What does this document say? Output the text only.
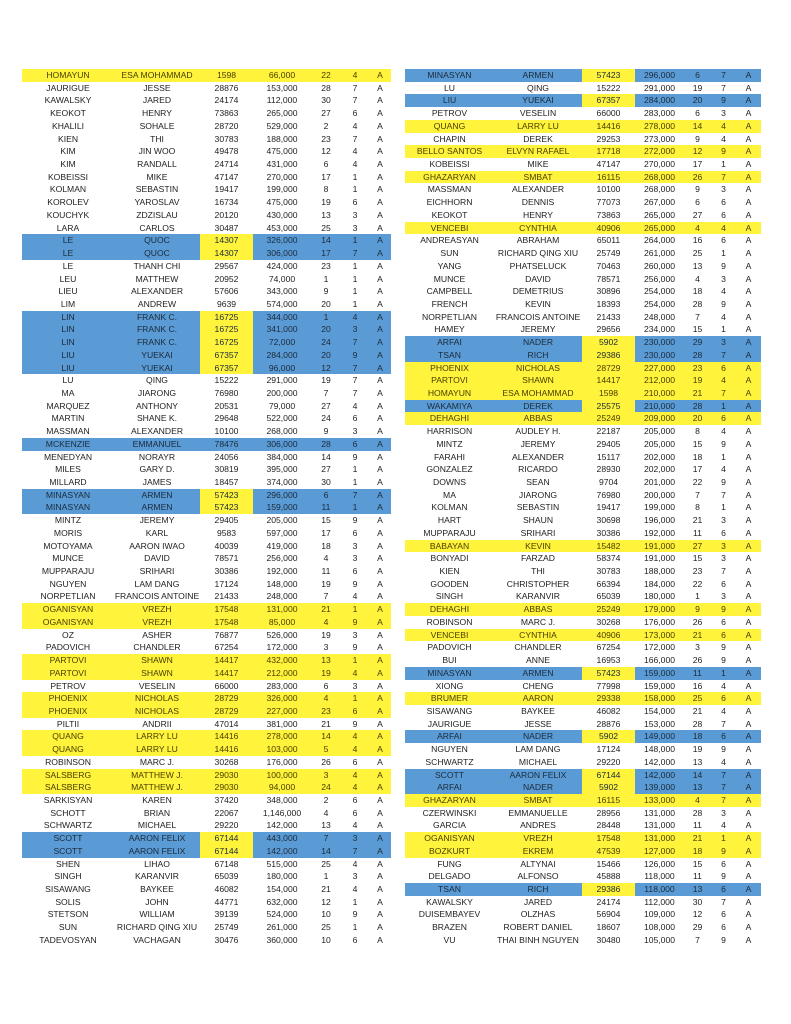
HOMAYUN	ESA MOHAMMAD	1598	66,000	22	4	A
JAURIGUE	JESSE	28876	153,000	28	7	A
KAWALSKY	JARED	24174	112,000	30	7	A
KEOKOT	HENRY	73863	265,000	27	6	A
KHALILI	SOHALE	28720	529,000	2	4	A
KIEN	THI	30783	188,000	23	7	A
KIM	JIN WOO	49478	475,000	12	4	A
KIM	RANDALL	24714	431,000	6	4	A
KOBEISSI	MIKE	47147	270,000	17	1	A
KOLMAN	SEBASTIN	19417	199,000	8	1	A
KOROLEV	YAROSLAV	16734	475,000	19	6	A
KOUCHYK	ZDZISLAU	20120	430,000	13	3	A
LARA	CARLOS	30487	453,000	25	3	A
LE	QUOC	14307	326,000	14	1	A
LE	QUOC	14307	306,000	17	7	A
LE	THANH CHI	29567	424,000	23	1	A
LEU	MATTHEW	20952	74,000	1	1	A
LIEU	ALEXANDER	57606	343,000	9	1	A
LIM	ANDREW	9639	574,000	20	1	A
LIN	FRANK C.	16725	344,000	1	4	A
LIN	FRANK C.	16725	341,000	20	3	A
LIN	FRANK C.	16725	72,000	24	7	A
LIU	YUEKAI	67357	284,000	20	9	A
LIU	YUEKAI	67357	96,000	12	7	A
LU	QING	15222	291,000	19	7	A
MA	JIARONG	76980	200,000	7	7	A
MARQUEZ	ANTHONY	20531	79,000	27	4	A
MARTIN	SHANE K.	29648	522,000	24	6	A
MASSMAN	ALEXANDER	10100	268,000	9	3	A
MCKENZIE	EMMANUEL	78476	306,000	28	6	A
MENEDYAN	NORAYR	24056	384,000	14	9	A
MILES	GARY D.	30819	395,000	27	1	A
MILLARD	JAMES	18457	374,000	30	1	A
MINASYAN	ARMEN	57423	296,000	6	7	A
MINASYAN	ARMEN	57423	159,000	11	1	A
MINTZ	JEREMY	29405	205,000	15	9	A
MORIS	KARL	9583	597,000	17	6	A
MOTOYAMA	AARON IWAO	40039	419,000	18	3	A
MUNCE	DAVID	78571	256,000	4	3	A
MUPPARAJU	SRIHARI	30386	192,000	11	6	A
NGUYEN	LAM DANG	17124	148,000	19	9	A
NORPETLIAN	FRANCOIS ANTOINE	21433	248,000	7	4	A
OGANISYAN	VREZH	17548	131,000	21	1	A
OGANISYAN	VREZH	17548	85,000	4	9	A
OZ	ASHER	76877	526,000	19	3	A
PADOVICH	CHANDLER	67254	172,000	3	9	A
PARTOVI	SHAWN	14417	432,000	13	1	A
PARTOVI	SHAWN	14417	212,000	19	4	A
PETROV	VESELIN	66000	283,000	6	3	A
PHOENIX	NICHOLAS	28729	326,000	4	1	A
PHOENIX	NICHOLAS	28729	227,000	23	6	A
PILTII	ANDRII	47014	381,000	21	9	A
QUANG	LARRY LU	14416	278,000	14	4	A
QUANG	LARRY LU	14416	103,000	5	4	A
ROBINSON	MARC J.	30268	176,000	26	6	A
SALSBERG	MATTHEW J.	29030	100,000	3	4	A
SALSBERG	MATTHEW J.	29030	94,000	24	4	A
SARKISYAN	KAREN	37420	348,000	2	6	A
SCHOTT	BRIAN	22067	1,146,000	4	6	A
SCHWARTZ	MICHAEL	29220	142,000	13	4	A
SCOTT	AARON FELIX	67144	443,000	7	3	A
SCOTT	AARON FELIX	67144	142,000	14	7	A
SHEN	LIHAO	67148	515,000	25	4	A
SINGH	KARANVIR	65039	180,000	1	3	A
SISAWANG	BAYKEE	46082	154,000	21	4	A
SOLIS	JOHN	44771	632,000	12	1	A
STETSON	WILLIAM	39139	524,000	10	9	A
SUN	RICHARD QING XIU	25749	261,000	25	1	A
TADEVOSYAN	VACHAGAN	30476	360,000	10	6	A
MINASYAN	ARMEN	57423	296,000	6	7	A
LU	QING	15222	291,000	19	7	A
LIU	YUEKAI	67357	284,000	20	9	A
PETROV	VESELIN	66000	283,000	6	3	A
QUANG	LARRY LU	14416	278,000	14	4	A
CHAPIN	DEREK	29253	273,000	9	4	A
BELLO SANTOS	ELVYN RAFAEL	17718	272,000	12	9	A
KOBEISSI	MIKE	47147	270,000	17	1	A
GHAZARYAN	SMBAT	16115	268,000	26	7	A
MASSMAN	ALEXANDER	10100	268,000	9	3	A
EICHHORN	DENNIS	77073	267,000	6	6	A
KEOKOT	HENRY	73863	265,000	27	6	A
VENCEBI	CYNTHIA	40906	265,000	4	4	A
ANDREASYAN	ABRAHAM	65011	264,000	16	6	A
SUN	RICHARD QING XIU	25749	261,000	25	1	A
YANG	PHATSELUCK	70463	260,000	13	9	A
MUNCE	DAVID	78571	256,000	4	3	A
CAMPBELL	DEMETRIUS	30896	254,000	18	4	A
FRENCH	KEVIN	18393	254,000	28	9	A
NORPETLIAN	FRANCOIS ANTOINE	21433	248,000	7	4	A
HAMEY	JEREMY	29656	234,000	15	1	A
ARFAI	NADER	5902	230,000	29	3	A
TSAN	RICH	29386	230,000	28	7	A
PHOENIX	NICHOLAS	28729	227,000	23	6	A
PARTOVI	SHAWN	14417	212,000	19	4	A
HOMAYUN	ESA MOHAMMAD	1598	210,000	21	7	A
WAKAMIYA	DEREK	25575	210,000	28	1	A
DEHAGHI	ABBAS	25249	209,000	20	6	A
HARRISON	AUDLEY H.	22187	205,000	8	4	A
MINTZ	JEREMY	29405	205,000	15	9	A
FARAHI	ALEXANDER	15117	202,000	18	1	A
GONZALEZ	RICARDO	28930	202,000	17	4	A
DOWNS	SEAN	9704	201,000	22	9	A
MA	JIARONG	76980	200,000	7	7	A
KOLMAN	SEBASTIN	19417	199,000	8	1	A
HART	SHAUN	30698	196,000	21	3	A
MUPPARAJU	SRIHARI	30386	192,000	11	6	A
BABAYAN	KEVIN	15482	191,000	27	3	A
BONYADI	FARZAD	58374	191,000	15	3	A
KIEN	THI	30783	188,000	23	7	A
GOODEN	CHRISTOPHER	66394	184,000	22	6	A
SINGH	KARANVIR	65039	180,000	1	3	A
DEHAGHI	ABBAS	25249	179,000	9	9	A
ROBINSON	MARC J.	30268	176,000	26	6	A
VENCEBI	CYNTHIA	40906	173,000	21	6	A
PADOVICH	CHANDLER	67254	172,000	3	9	A
BUI	ANNE	16953	166,000	26	9	A
MINASYAN	ARMEN	57423	159,000	11	1	A
XIONG	CHENG	77998	159,000	16	4	A
BRUMER	AARON	29338	158,000	25	6	A
SISAWANG	BAYKEE	46082	154,000	21	4	A
JAURIGUE	JESSE	28876	153,000	28	7	A
ARFAI	NADER	5902	149,000	18	6	A
NGUYEN	LAM DANG	17124	148,000	19	9	A
SCHWARTZ	MICHAEL	29220	142,000	13	4	A
SCOTT	AARON FELIX	67144	142,000	14	7	A
ARFAI	NADER	5902	139,000	13	7	A
GHAZARYAN	SMBAT	16115	133,000	4	7	A
CZERWINSKI	EMMANUELLE	28956	131,000	28	3	A
GARCIA	ANDRES	28448	131,000	11	4	A
OGANISYAN	VREZH	17548	131,000	21	1	A
BOZKURT	EKREM	47539	127,000	18	9	A
FUNG	ALTYNAI	15466	126,000	15	6	A
DELGADO	ALFONSO	45888	118,000	11	9	A
TSAN	RICH	29386	118,000	13	6	A
KAWALSKY	JARED	24174	112,000	30	7	A
DUISEMBAYEV	OLZHAS	56904	109,000	12	6	A
BRAZEN	ROBERT DANIEL	18607	108,000	29	6	A
VU	THAI BINH NGUYEN	30480	105,000	7	9	A
